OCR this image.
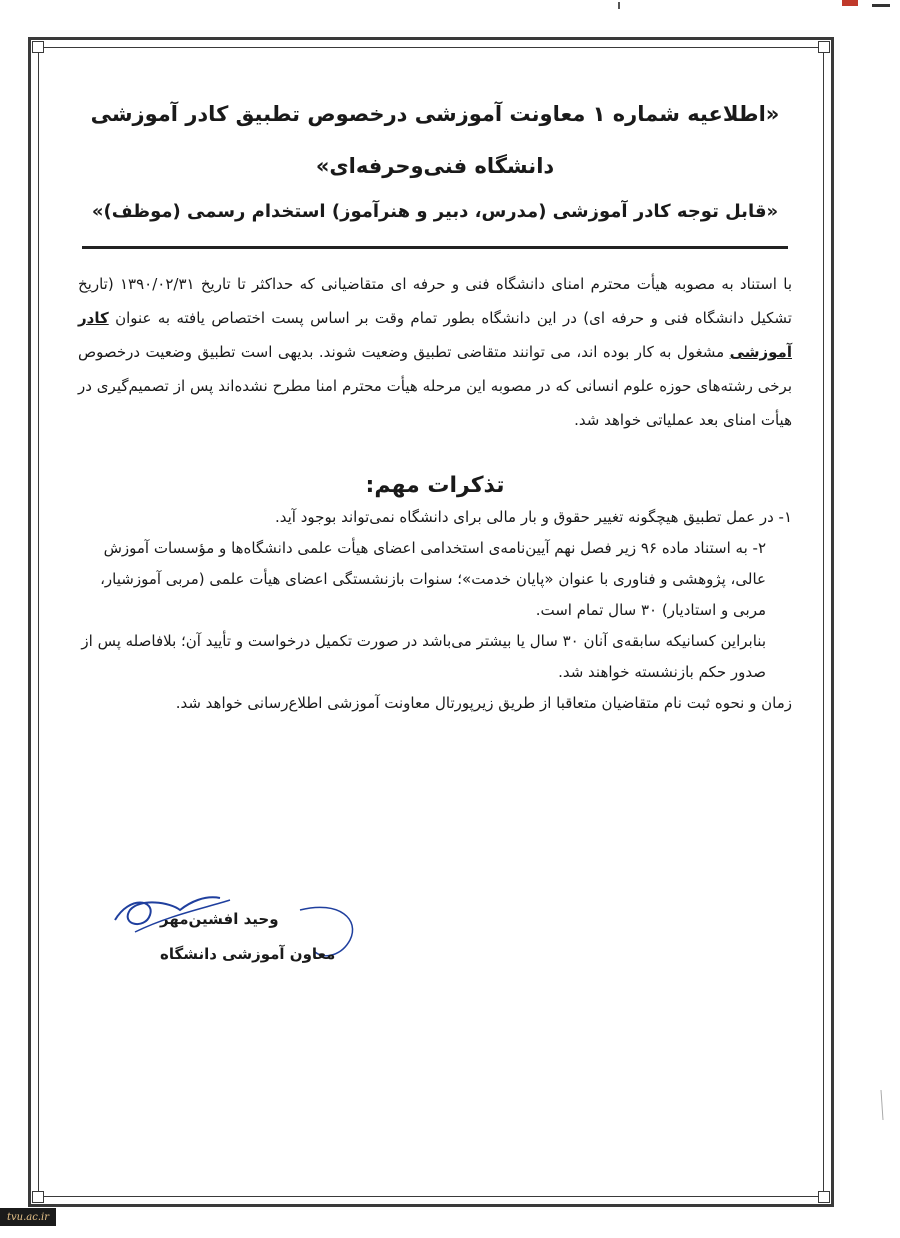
«اطلاعیه شماره ۱ معاونت آموزشی درخصوص تطبیق کادر آموزشی دانشگاه فنی‌وحرفه‌ای»
«قابل توجه کادر آموزشی (مدرس، دبیر و هنرآموز) استخدام رسمی (موظف)»

با استناد به مصوبه هیأت محترم امنای دانشگاه فنی و حرفه ای متقاضیانی که حداکثر تا تاریخ ۱۳۹۰/۰۲/۳۱ (تاریخ تشکیل دانشگاه فنی و حرفه ای) در این دانشگاه بطور تمام وقت بر اساس پست اختصاص یافته به عنوان کادر آموزشی مشغول به کار بوده اند، می توانند متقاضی تطبیق وضعیت شوند. بدیهی است تطبیق وضعیت درخصوص برخی رشته‌های حوزه علوم انسانی که در مصوبه این مرحله هیأت محترم امنا مطرح نشده‌اند پس از تصمیم‌گیری در هیأت امنای بعد عملیاتی خواهد شد.

تذکرات مهم:

۱- در عمل تطبیق هیچگونه تغییر حقوق و بار مالی برای دانشگاه نمی‌تواند بوجود آید.

۲- به استناد ماده ۹۶ زیر فصل نهم آیین‌نامه‌ی استخدامی اعضای هیأت علمی دانشگاه‌ها و مؤسسات آموزش عالی، پژوهشی و فناوری با عنوان «پایان خدمت»؛ سنوات بازنشستگی اعضای هیأت علمی (مربی آموزشیار، مربی و استادیار) ۳۰ سال تمام است.

بنابراین کسانیکه سابقه‌ی آنان ۳۰ سال یا بیشتر می‌باشد در صورت تکمیل درخواست و تأیید آن؛ بلافاصله پس از صدور حکم بازنشسته خواهند شد.

زمان و نحوه ثبت نام متقاضیان متعاقبا از طریق زیرپورتال معاونت آموزشی اطلاع‌رسانی خواهد شد.

وحید افشین‌مهر
معاون آموزشی دانشگاه
tvu.ac.ir
